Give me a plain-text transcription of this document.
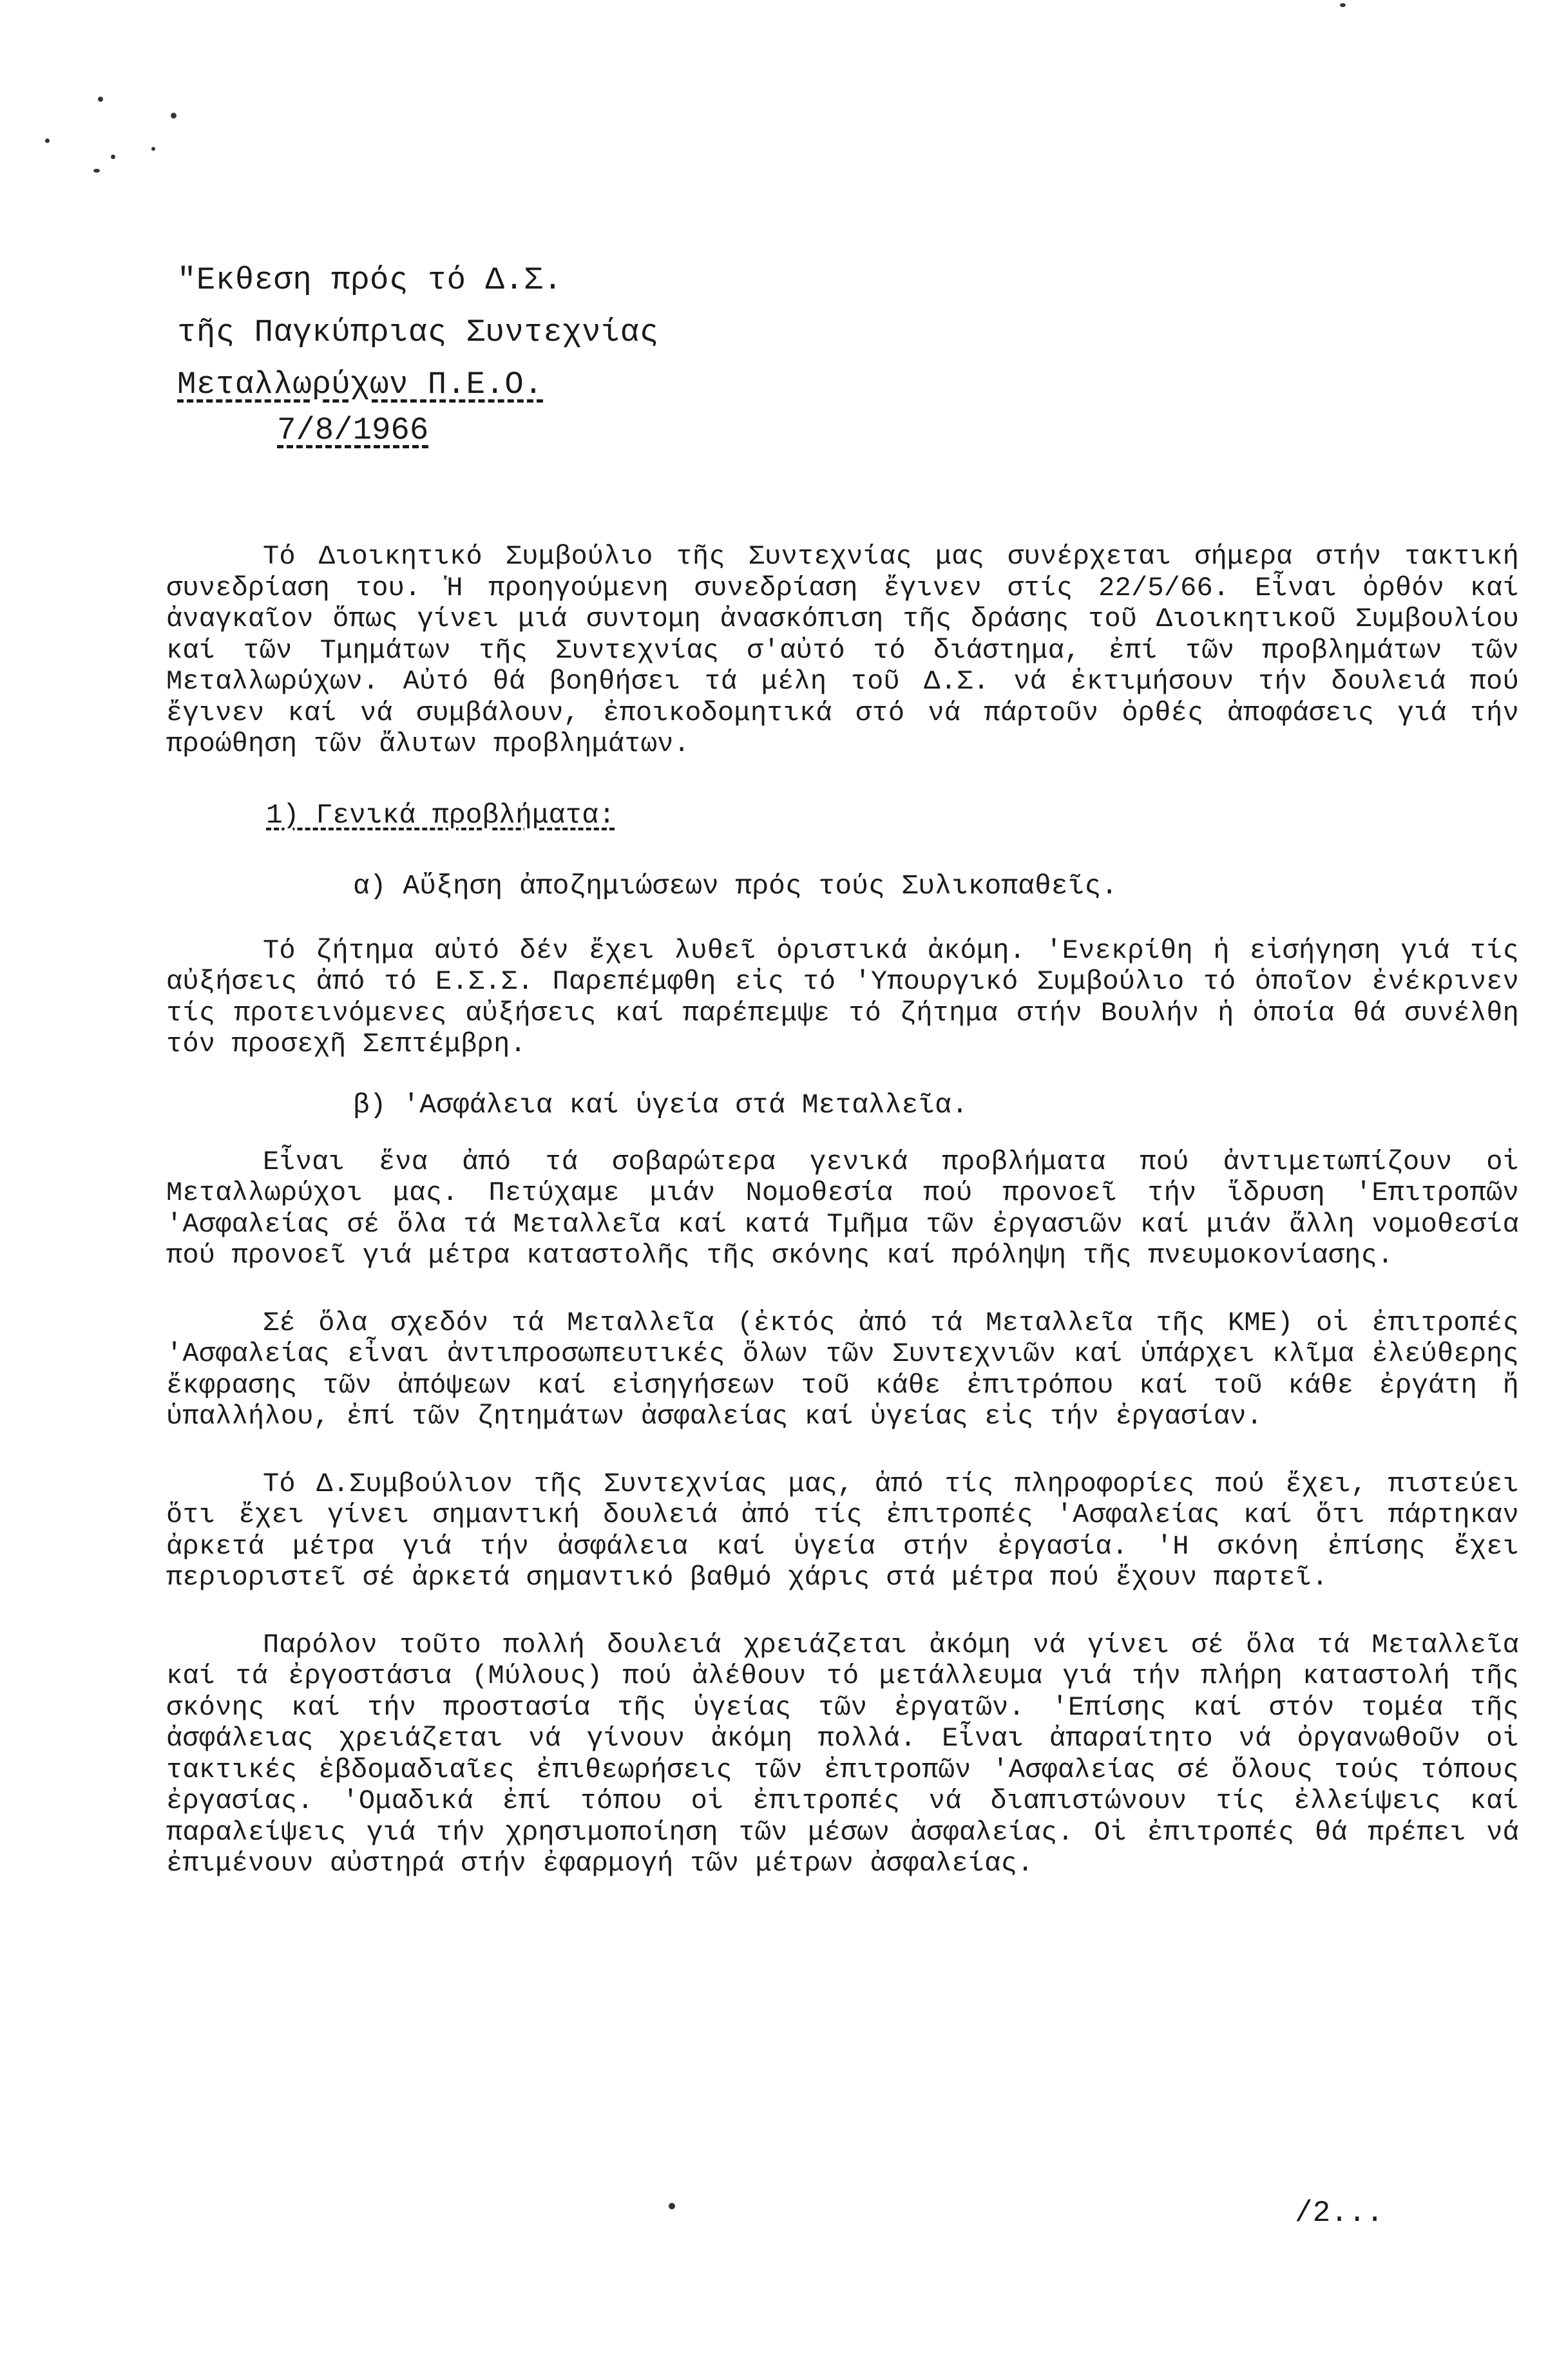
"Εκθεση πρός τό Δ.Σ.
τῆς Παγκύπριας Συντεχνίας
Μεταλλωρύχων Π.Ε.Ο.
7/8/1966

Τό Διοικητικό Συμβούλιο τῆς Συντεχνίας μας συνέρχεται σήμερα στήν τακτική συνεδρίαση του. Ἡ προηγούμενη συνεδρίαση ἔγινεν στίς 22/5/66. Εἶναι ὀρθόν καί ἀναγκαῖον ὅπως γίνει μιά συντομη ἀνασκόπιση τῆς δράσης τοῦ Διοικητικοῦ Συμβουλίου καί τῶν Τμημάτων τῆς Συντεχνίας σ'αὐτό τό διάστημα, ἐπί τῶν προβλημάτων τῶν Μεταλλωρύχων. Αὐτό θά βοηθήσει τά μέλη τοῦ Δ.Σ. νά ἐκτιμήσουν τήν δουλειά πού ἔγινεν καί νά συμβάλουν, ἐποικοδομητικά στό νά πάρτοῦν ὀρθές ἀποφάσεις γιά τήν προώθηση τῶν ἄλυτων προβλημάτων.

1) Γενικά προβλήματα:
α) Αὔξηση ἀποζημιώσεων πρός τούς Συλικοπαθεῖς.

Τό ζήτημα αὐτό δέν ἔχει λυθεῖ ὁριστικά ἀκόμη. 'Ενεκρίθη ἡ εἰσήγηση γιά τίς αὐξήσεις ἀπό τό Ε.Σ.Σ. Παρεπέμφθη εἰς τό 'Υπουργικό Συμβούλιο τό ὁποῖον ἐνέκρινεν τίς προτεινόμενες αὐξήσεις καί παρέπεμψε τό ζήτημα στήν Βουλήν ἡ ὁποία θά συνέλθη τόν προσεχῆ Σεπτέμβρη.

β) 'Ασφάλεια καί ὑγεία στά Μεταλλεῖα.

Εἶναι ἕνα ἀπό τά σοβαρώτερα γενικά προβλήματα πού ἀντιμετωπίζουν οἱ Μεταλλωρύχοι μας. Πετύχαμε μιάν Νομοθεσία πού προνοεῖ τήν ἵδρυση 'Επιτροπῶν 'Ασφαλείας σέ ὅλα τά Μεταλλεῖα καί κατά Τμῆμα τῶν ἐργασιῶν καί μιάν ἄλλη νομοθεσία πού προνοεῖ γιά μέτρα καταστολῆς τῆς σκόνης καί πρόληψη τῆς πνευμοκονίασης.

Σέ ὅλα σχεδόν τά Μεταλλεῖα (ἐκτός ἀπό τά Μεταλλεῖα τῆς ΚΜΕ) οἱ ἐπιτροπές 'Ασφαλείας εἶναι ἀντιπροσωπευτικές ὅλων τῶν Συντεχνιῶν καί ὑπάρχει κλῖμα ἐλεύθερης ἔκφρασης τῶν ἀπόψεων καί εἰσηγήσεων τοῦ κάθε ἐπιτρόπου καί τοῦ κάθε ἐργάτη ἤ ὑπαλλήλου, ἐπί τῶν ζητημάτων ἀσφαλείας καί ὑγείας εἰς τήν ἐργασίαν.

Τό Δ.Συμβούλιον τῆς Συντεχνίας μας, ἀπό τίς πληροφορίες πού ἔχει, πιστεύει ὅτι ἔχει γίνει σημαντική δουλειά ἀπό τίς ἐπιτροπές 'Ασφαλείας καί ὅτι πάρτηκαν ἀρκετά μέτρα γιά τήν ἀσφάλεια καί ὑγεία στήν ἐργασία. 'Η σκόνη ἐπίσης ἔχει περιοριστεῖ σέ ἀρκετά σημαντικό βαθμό χάρις στά μέτρα πού ἔχουν παρτεῖ.

Παρόλον τοῦτο πολλή δουλειά χρειάζεται ἀκόμη νά γίνει σέ ὅλα τά Μεταλλεῖα καί τά ἐργοστάσια (Μύλους) πού ἀλέθουν τό μετάλλευμα γιά τήν πλήρη καταστολή τῆς σκόνης καί τήν προστασία τῆς ὑγείας τῶν ἐργατῶν. 'Επίσης καί στόν τομέα τῆς ἀσφάλειας χρειάζεται νά γίνουν ἀκόμη πολλά. Εἶναι ἀπαραίτητο νά ὀργανωθοῦν οἱ τακτικές ἑβδομαδιαῖες ἐπιθεωρήσεις τῶν ἐπιτροπῶν 'Ασφαλείας σέ ὅλους τούς τόπους ἐργασίας. 'Ομαδικά ἐπί τόπου οἱ ἐπιτροπές νά διαπιστώνουν τίς ἐλλείψεις καί παραλείψεις γιά τήν χρησιμοποίηση τῶν μέσων ἀσφαλείας. Οἱ ἐπιτροπές θά πρέπει νά ἐπιμένουν αὐστηρά στήν ἐφαρμογή τῶν μέτρων ἀσφαλείας.

/2...
